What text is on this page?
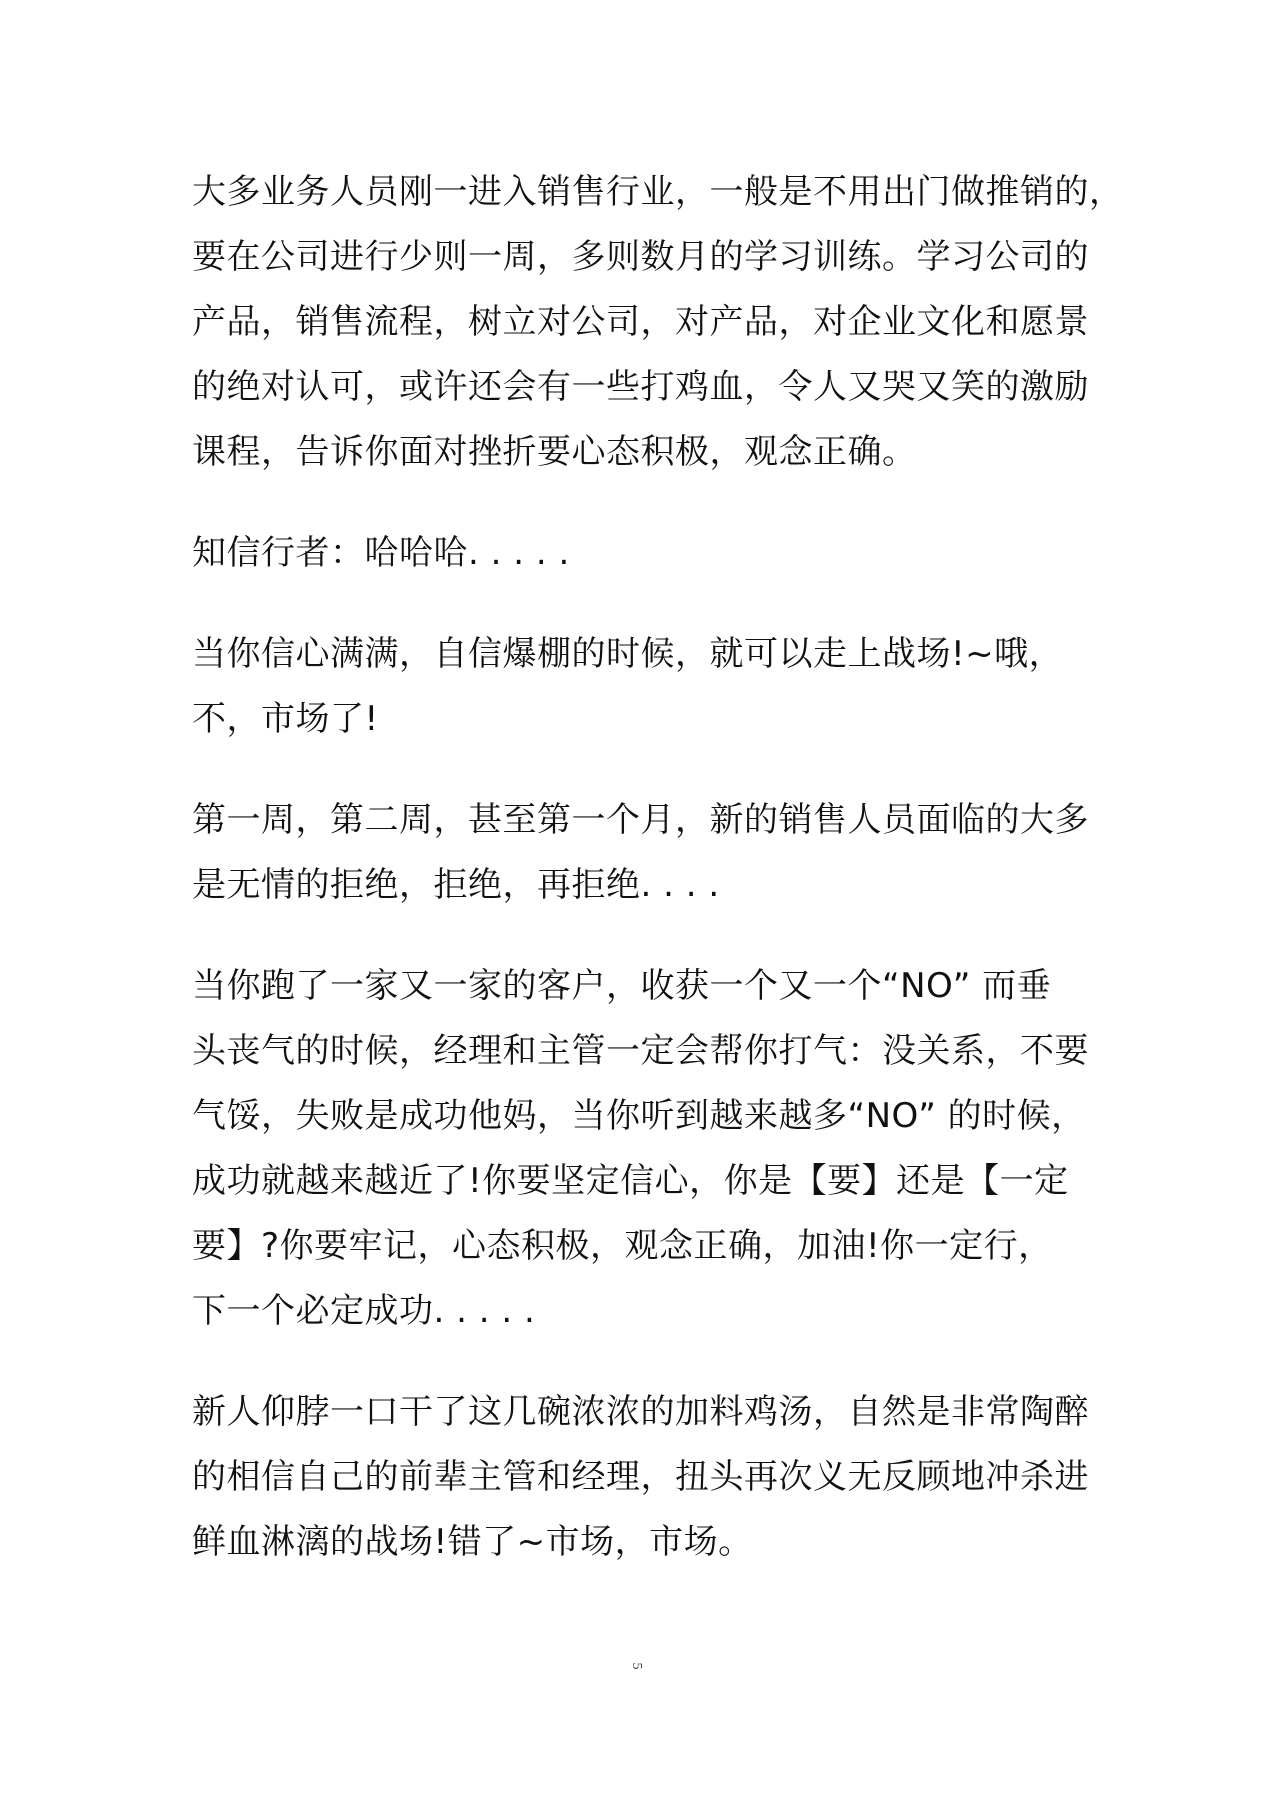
大多业务人员刚一进入销售行业，一般是不用出门做推销的，
要在公司进行少则一周，多则数月的学习训练。学习公司的
产品，销售流程，树立对公司，对产品，对企业文化和愿景
的绝对认可，或许还会有一些打鸡血，令人又哭又笑的激励
课程，告诉你面对挫折要心态积极，观念正确。

知信行者：哈哈哈. . . . .

当你信心满满，自信爆棚的时候，就可以走上战场!~哦，
不，市场了!

第一周，第二周，甚至第一个月，新的销售人员面临的大多
是无情的拒绝，拒绝，再拒绝. . . .

当你跑了一家又一家的客户，收获一个又一个“NO” 而垂
头丧气的时候，经理和主管一定会帮你打气：没关系，不要
气馁，失败是成功他妈，当你听到越来越多“NO” 的时候，
成功就越来越近了!你要坚定信心，你是【要】还是【一定
要】?你要牢记，心态积极，观念正确，加油!你一定行，
下一个必定成功. . . . .

新人仰脖一口干了这几碗浓浓的加料鸡汤，自然是非常陶醉
的相信自己的前辈主管和经理，扭头再次义无反顾地冲杀进
鲜血淋漓的战场!错了~市场，市场。

5
